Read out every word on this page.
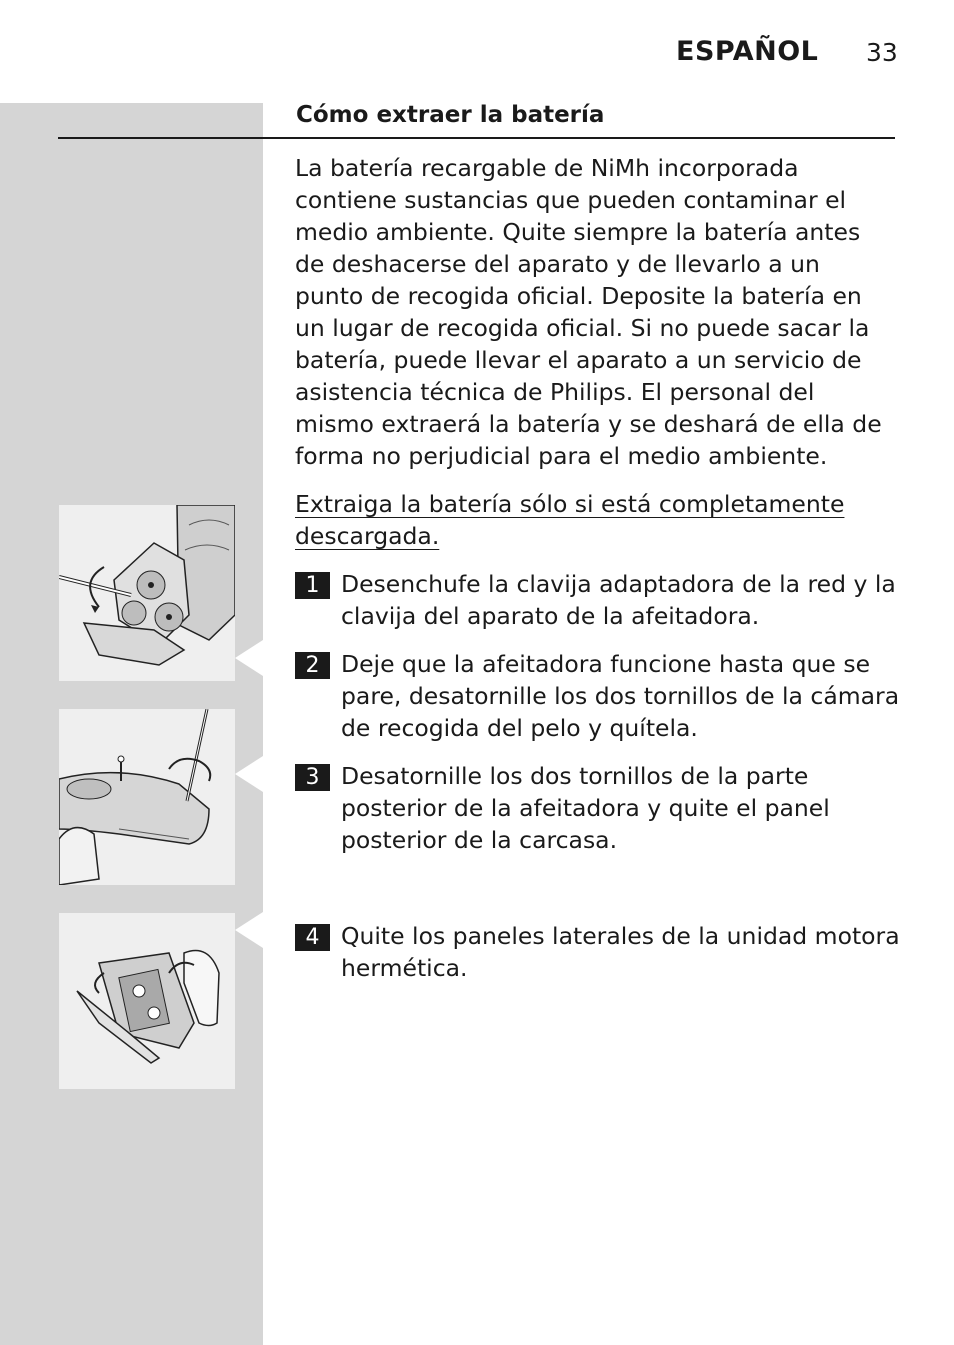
ESPAÑOL 33
Cómo extraer la batería
La batería recargable de NiMh incorporada contiene sustancias que pueden contaminar el medio ambiente. Quite siempre la batería antes de deshacerse del aparato y de llevarlo a un punto de recogida oficial. Deposite la batería en un lugar de recogida oficial. Si no puede sacar la batería, puede llevar el aparato a un servicio de asistencia técnica de Philips. El personal del mismo extraerá la batería y se deshará de ella de forma no perjudicial para el medio ambiente.
Extraiga la batería sólo si está completamente descargada.
1 Desenchufe la clavija adaptadora de la red y la clavija del aparato de la afeitadora.
2 Deje que la afeitadora funcione hasta que se pare, desatornille los dos tornillos de la cámara de recogida del pelo y quítela.
3 Desatornille los dos tornillos de la parte posterior de la afeitadora y quite el panel posterior de la carcasa.
4 Quite los paneles laterales de la unidad motora hermética.
